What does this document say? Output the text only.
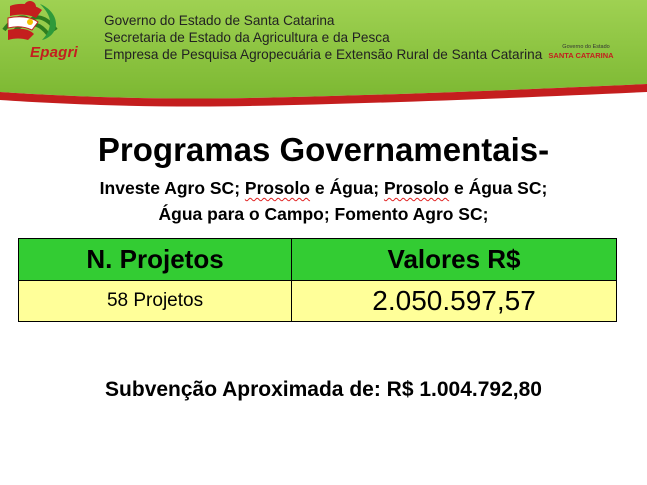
Epagri
Governo do Estado de Santa Catarina
Secretaria de Estado da Agricultura e da Pesca
Empresa de Pesquisa Agropecuária e Extensão Rural de Santa Catarina	Governo do Estado
SANTA CATARINA
Programas Governamentais-
Investe Agro SC; Prosolo e Água; Prosolo e Água SC;
Água para o Campo; Fomento Agro SC;
N. Projetos	Valores R$
58 Projetos	2.050.597,57
Subvenção Aproximada de: R$ 1.004.792,80
